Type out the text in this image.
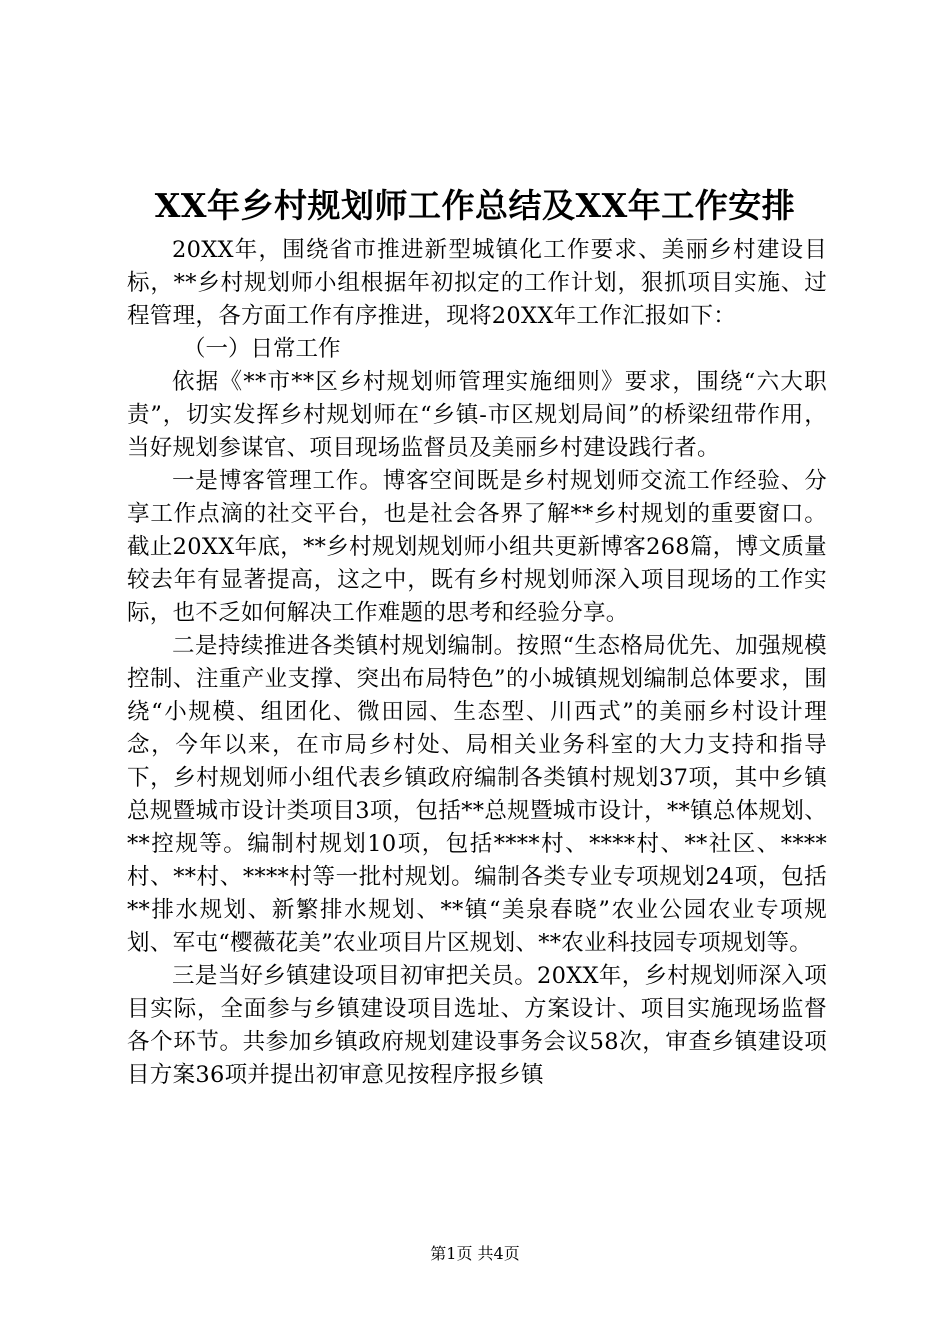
XX年乡村规划师工作总结及XX年工作安排

20XX年，围绕省市推进新型城镇化工作要求、美丽乡村建设目标，**乡村规划师小组根据年初拟定的工作计划，狠抓项目实施、过程管理，各方面工作有序推进，现将20XX年工作汇报如下：

（一）日常工作

依据《**市**区乡村规划师管理实施细则》要求，围绕“六大职责”，切实发挥乡村规划师在“乡镇-市区规划局间”的桥梁纽带作用，当好规划参谋官、项目现场监督员及美丽乡村建设践行者。

一是博客管理工作。博客空间既是乡村规划师交流工作经验、分享工作点滴的社交平台，也是社会各界了解**乡村规划的重要窗口。截止20XX年底，**乡村规划规划师小组共更新博客268篇，博文质量较去年有显著提高，这之中，既有乡村规划师深入项目现场的工作实际，也不乏如何解决工作难题的思考和经验分享。

二是持续推进各类镇村规划编制。按照“生态格局优先、加强规模控制、注重产业支撑、突出布局特色”的小城镇规划编制总体要求，围绕“小规模、组团化、微田园、生态型、川西式”的美丽乡村设计理念，今年以来，在市局乡村处、局相关业务科室的大力支持和指导下，乡村规划师小组代表乡镇政府编制各类镇村规划37项，其中乡镇总规暨城市设计类项目3项，包括**总规暨城市设计，**镇总体规划、**控规等。编制村规划10项，包括****村、****村、**社区、****村、**村、****村等一批村规划。编制各类专业专项规划24项，包括**排水规划、新繁排水规划、**镇“美泉春晓”农业公园农业专项规划、军屯“樱薇花美”农业项目片区规划、**农业科技园专项规划等。

三是当好乡镇建设项目初审把关员。20XX年，乡村规划师深入项目实际，全面参与乡镇建设项目选址、方案设计、项目实施现场监督各个环节。共参加乡镇政府规划建设事务会议58次，审查乡镇建设项目方案36项并提出初审意见按程序报乡镇

第1页 共4页
